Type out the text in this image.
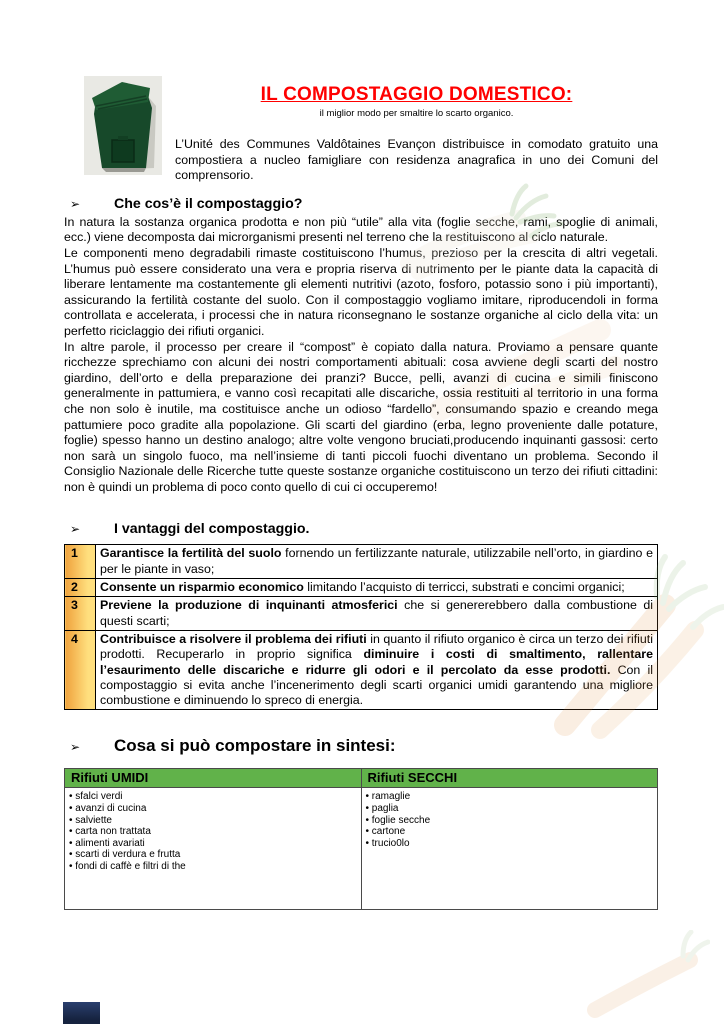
IL COMPOSTAGGIO DOMESTICO:
il miglior modo per smaltire lo scarto organico.

L’Unité des Communes Valdôtaines Evançon distribuisce in comodato gratuito una compostiera a nucleo famigliare con residenza anagrafica in uno dei Comuni del comprensorio.

➢	Che cos’è il compostaggio?

In natura la sostanza organica prodotta e non più “utile” alla vita (foglie secche, rami, spoglie di animali, ecc.) viene decomposta dai microrganismi presenti nel terreno che la restituiscono al ciclo naturale.

Le componenti meno degradabili rimaste costituiscono l’humus, prezioso per la crescita di altri vegetali. L’humus può essere considerato una vera e propria riserva di nutrimento per le piante data la capacità di liberare lentamente ma costantemente gli elementi nutritivi (azoto, fosforo, potassio sono i più importanti), assicurando la fertilità costante del suolo. Con il compostaggio vogliamo imitare, riproducendoli in forma controllata e accelerata, i processi che in natura riconsegnano le sostanze organiche al ciclo della vita: un perfetto riciclaggio dei rifiuti organici.

In altre parole, il processo per creare il “compost” è copiato dalla natura. Proviamo a pensare quante ricchezze sprechiamo con alcuni dei nostri comportamenti abituali: cosa avviene degli scarti del nostro giardino, dell’orto e della preparazione dei pranzi? Bucce, pelli, avanzi di cucina e simili finiscono generalmente in pattumiera, e vanno così recapitati alle discariche, ossia restituiti al territorio in una forma che non solo è inutile, ma costituisce anche un odioso “fardello”, consumando spazio e creando mega pattumiere poco gradite alla popolazione. Gli scarti del giardino (erba, legno proveniente dalle potature, foglie) spesso hanno un destino analogo; altre volte vengono bruciati,producendo inquinanti gassosi: certo non sarà un singolo fuoco, ma nell’insieme di tanti piccoli fuochi diventano un problema. Secondo il Consiglio Nazionale delle Ricerche tutte queste sostanze organiche costituiscono un terzo dei rifiuti cittadini: non è quindi un problema di poco conto quello di cui ci occuperemo!

➢	I vantaggi del compostaggio.
1	Garantisce la fertilità del suolo fornendo un fertilizzante naturale, utilizzabile nell’orto, in giardino e per le piante in vaso;
2	Consente un risparmio economico limitando l’acquisto di terricci, substrati e concimi organici;
3	Previene la produzione di inquinanti atmosferici che si genererebbero dalla combustione di questi scarti;
4	Contribuisce a risolvere il problema dei rifiuti in quanto il rifiuto organico è circa un terzo dei rifiuti prodotti. Recuperarlo in proprio significa diminuire i costi di smaltimento, rallentare l’esaurimento delle discariche e ridurre gli odori e il percolato da esse prodotti. Con il compostaggio si evita anche l’incenerimento degli scarti organici umidi garantendo una migliore combustione e diminuendo lo spreco di energia.
➢	Cosa si può compostare in sintesi:
Rifiuti UMIDI	Rifiuti SECCHI

• sfalci verdi
• avanzi di cucina
• salviette
• carta non trattata
• alimenti avariati
• scarti di verdura e frutta
• fondi di caffè e filtri di the

• ramaglie
• paglia
• foglie secche
• cartone
• trucio0lo
